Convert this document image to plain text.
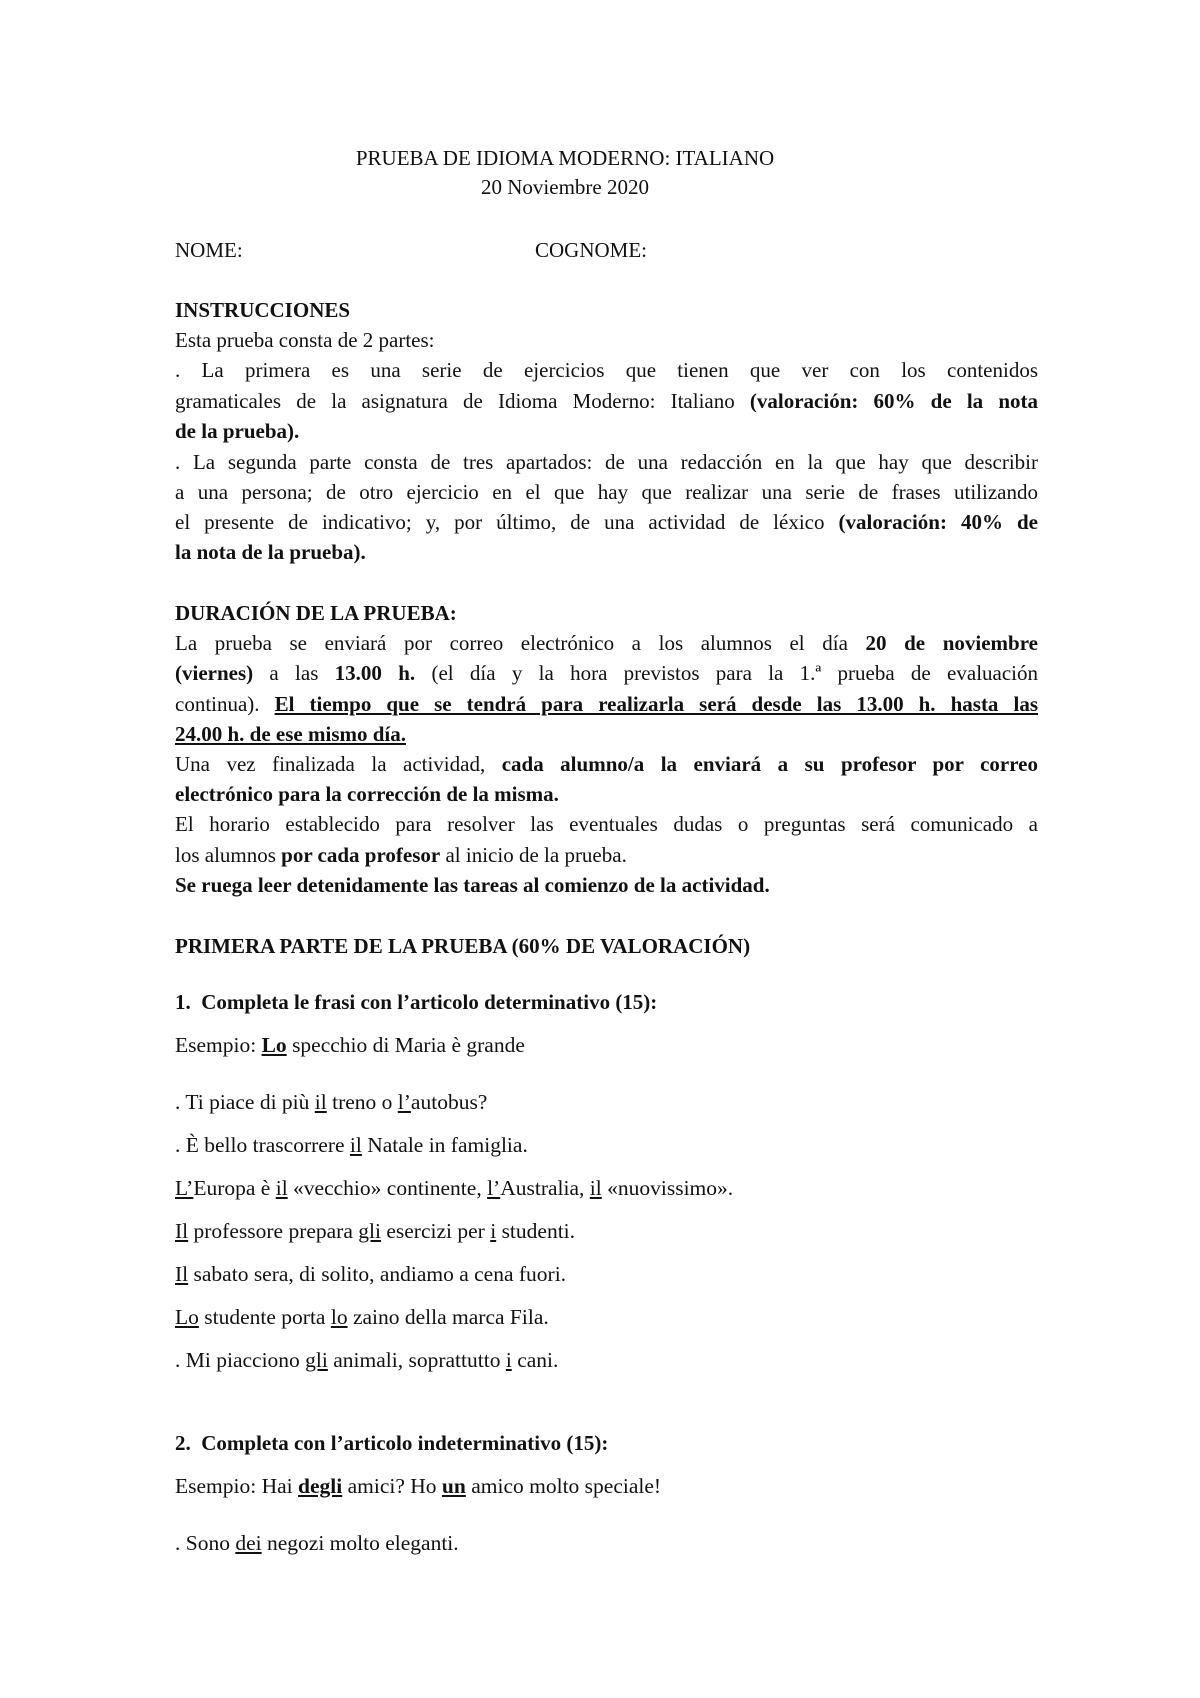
PRUEBA DE IDIOMA MODERNO: ITALIANO
20 Noviembre 2020
NOME:	COGNOME:
INSTRUCCIONES
Esta prueba consta de 2 partes:
. La primera es una serie de ejercicios que tienen que ver con los contenidos
gramaticales de la asignatura de Idioma Moderno: Italiano (valoración: 60% de la nota
de la prueba).
. La segunda parte consta de tres apartados: de una redacción en la que hay que describir
a una persona; de otro ejercicio en el que hay que realizar una serie de frases utilizando
el presente de indicativo; y, por último, de una actividad de léxico (valoración: 40% de
la nota de la prueba).
DURACIÓN DE LA PRUEBA:
La prueba se enviará por correo electrónico a los alumnos el día 20 de noviembre
(viernes) a las 13.00 h. (el día y la hora previstos para la 1.ª prueba de evaluación
continua). El tiempo que se tendrá para realizarla será desde las 13.00 h. hasta las
24.00 h. de ese mismo día.
Una vez finalizada la actividad, cada alumno/a la enviará a su profesor por correo
electrónico para la corrección de la misma.
El horario establecido para resolver las eventuales dudas o preguntas será comunicado a
los alumnos por cada profesor al inicio de la prueba.
Se ruega leer detenidamente las tareas al comienzo de la actividad.
PRIMERA PARTE DE LA PRUEBA (60% DE VALORACIÓN)
1.  Completa le frasi con l’articolo determinativo (15):
Esempio: Lo specchio di Maria è grande
. Ti piace di più il treno o l’autobus?
. È bello trascorrere il Natale in famiglia.
L’Europa è il «vecchio» continente, l’Australia, il «nuovissimo».
Il professore prepara gli esercizi per i studenti.
Il sabato sera, di solito, andiamo a cena fuori.
Lo studente porta lo zaino della marca Fila.
. Mi piacciono gli animali, soprattutto i cani.
2.  Completa con l’articolo indeterminativo (15):
Esempio: Hai degli amici? Ho un amico molto speciale!
. Sono dei negozi molto eleganti.
